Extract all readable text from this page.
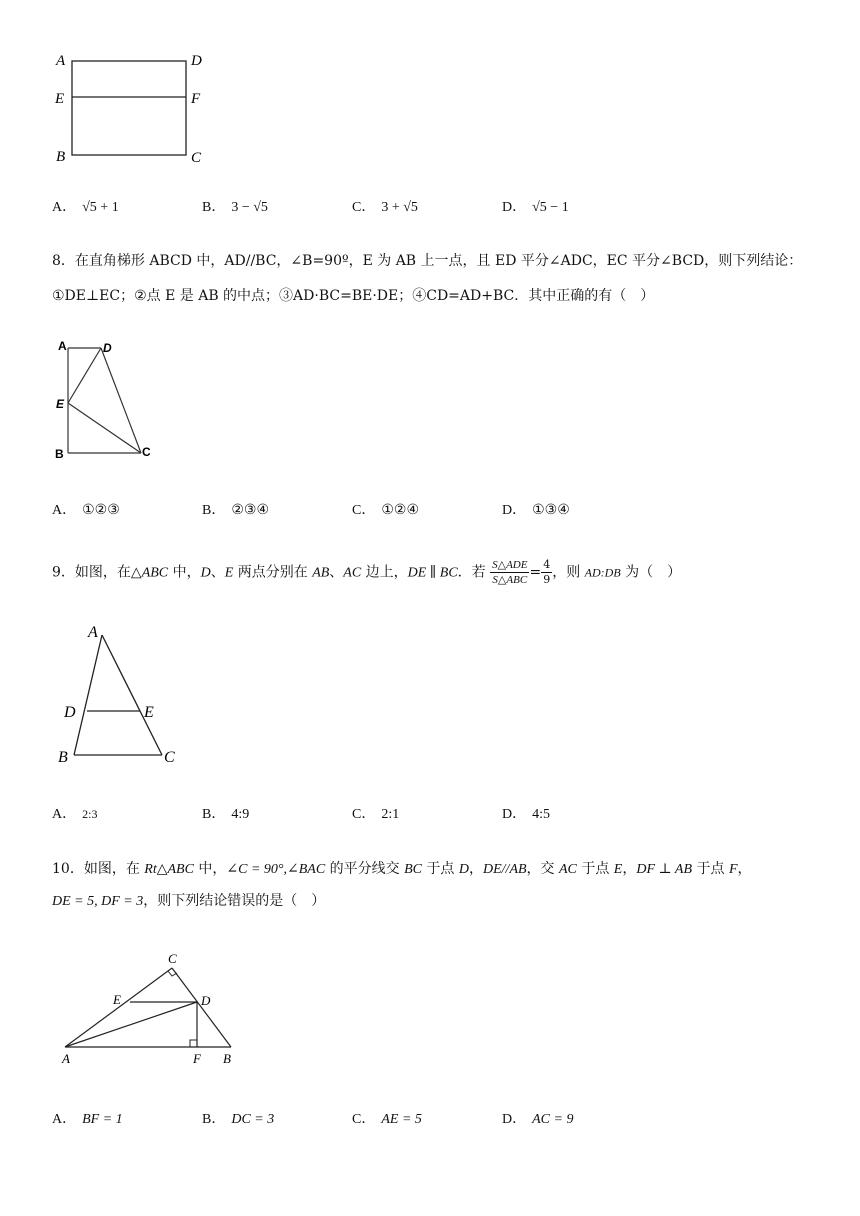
A	D
E	F
B	C
A． √5 + 1	B． 3 − √5	C． 3 + √5	D． √5 − 1
8．在直角梯形 ABCD 中，AD//BC，∠B=90º，E 为 AB 上一点，且 ED 平分∠ADC，EC 平分∠BCD，则下列结论：
①DE⊥EC；②点 E 是 AB 的中点；③AD·BC=BE·DE；④CD=AD+BC．其中正确的有（　）
A	D
E
B	C
A． ①②③	B． ②③④	C． ①②④	D． ①③④
9．如图，在△ABC 中，D、E 两点分别在 AB、AC 边上，DE ∥ BC．若 $\frac{\text{S△ADE}}{\text{S△ABC}} = \frac{4}{9}$ ，则 AD:DB 为（　）
A
D	E
B	C
A． 2:3	B． 4:9	C． 2:1	D． 4:5
10．如图，在 Rt△ABC 中，∠C = 90°,∠BAC 的平分线交 BC 于点 D，DE//AB，交 AC 于点 E，DF ⊥ AB 于点 F，
DE = 5, DF = 3，则下列结论错误的是（　）
C
E	D
A	F B
A． BF = 1	B． DC = 3	C． AE = 5	D． AC = 9
